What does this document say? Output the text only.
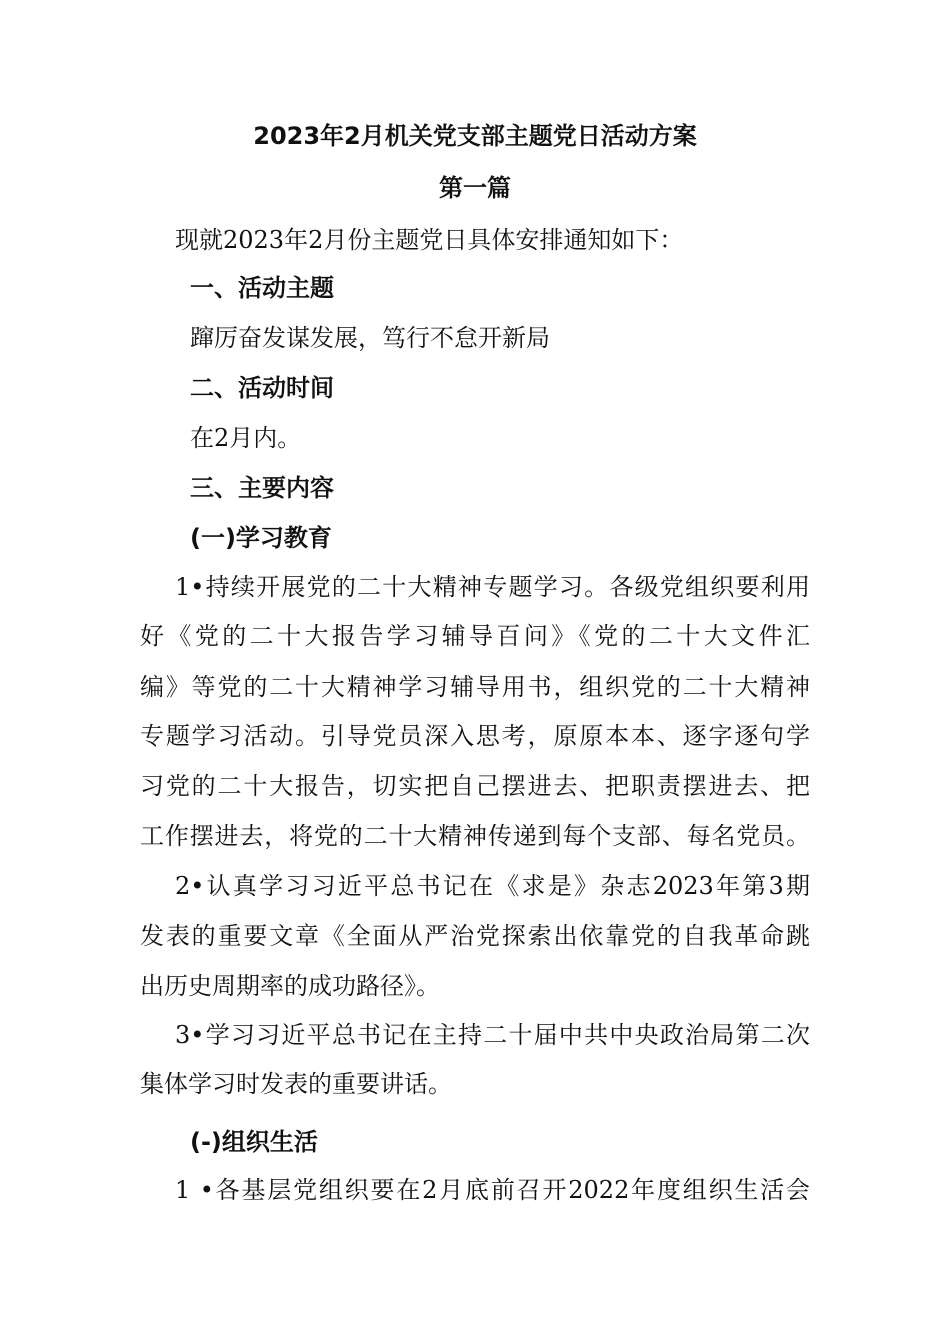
2023年2月机关党支部主题党日活动方案
第一篇
现就2023年2月份主题党日具体安排通知如下：
一、活动主题
蹿厉奋发谋发展，笃行不怠开新局
二、活动时间
在2月内。
三、主要内容
(一)学习教育
1•持续开展党的二十大精神专题学习。各级党组织要利用
好《党的二十大报告学习辅导百问》《党的二十大文件汇
编》等党的二十大精神学习辅导用书，组织党的二十大精神
专题学习活动。引导党员深入思考，原原本本、逐字逐句学
习党的二十大报告，切实把自己摆进去、把职责摆进去、把
工作摆进去，将党的二十大精神传递到每个支部、每名党员。
2•认真学习习近平总书记在《求是》杂志2023年第3期
发表的重要文章《全面从严治党探索出依靠党的自我革命跳
出历史周期率的成功路径》。
3•学习习近平总书记在主持二十届中共中央政治局第二次
集体学习时发表的重要讲话。
(-)组织生活
1 •各基层党组织要在2月底前召开2022年度组织生活会
